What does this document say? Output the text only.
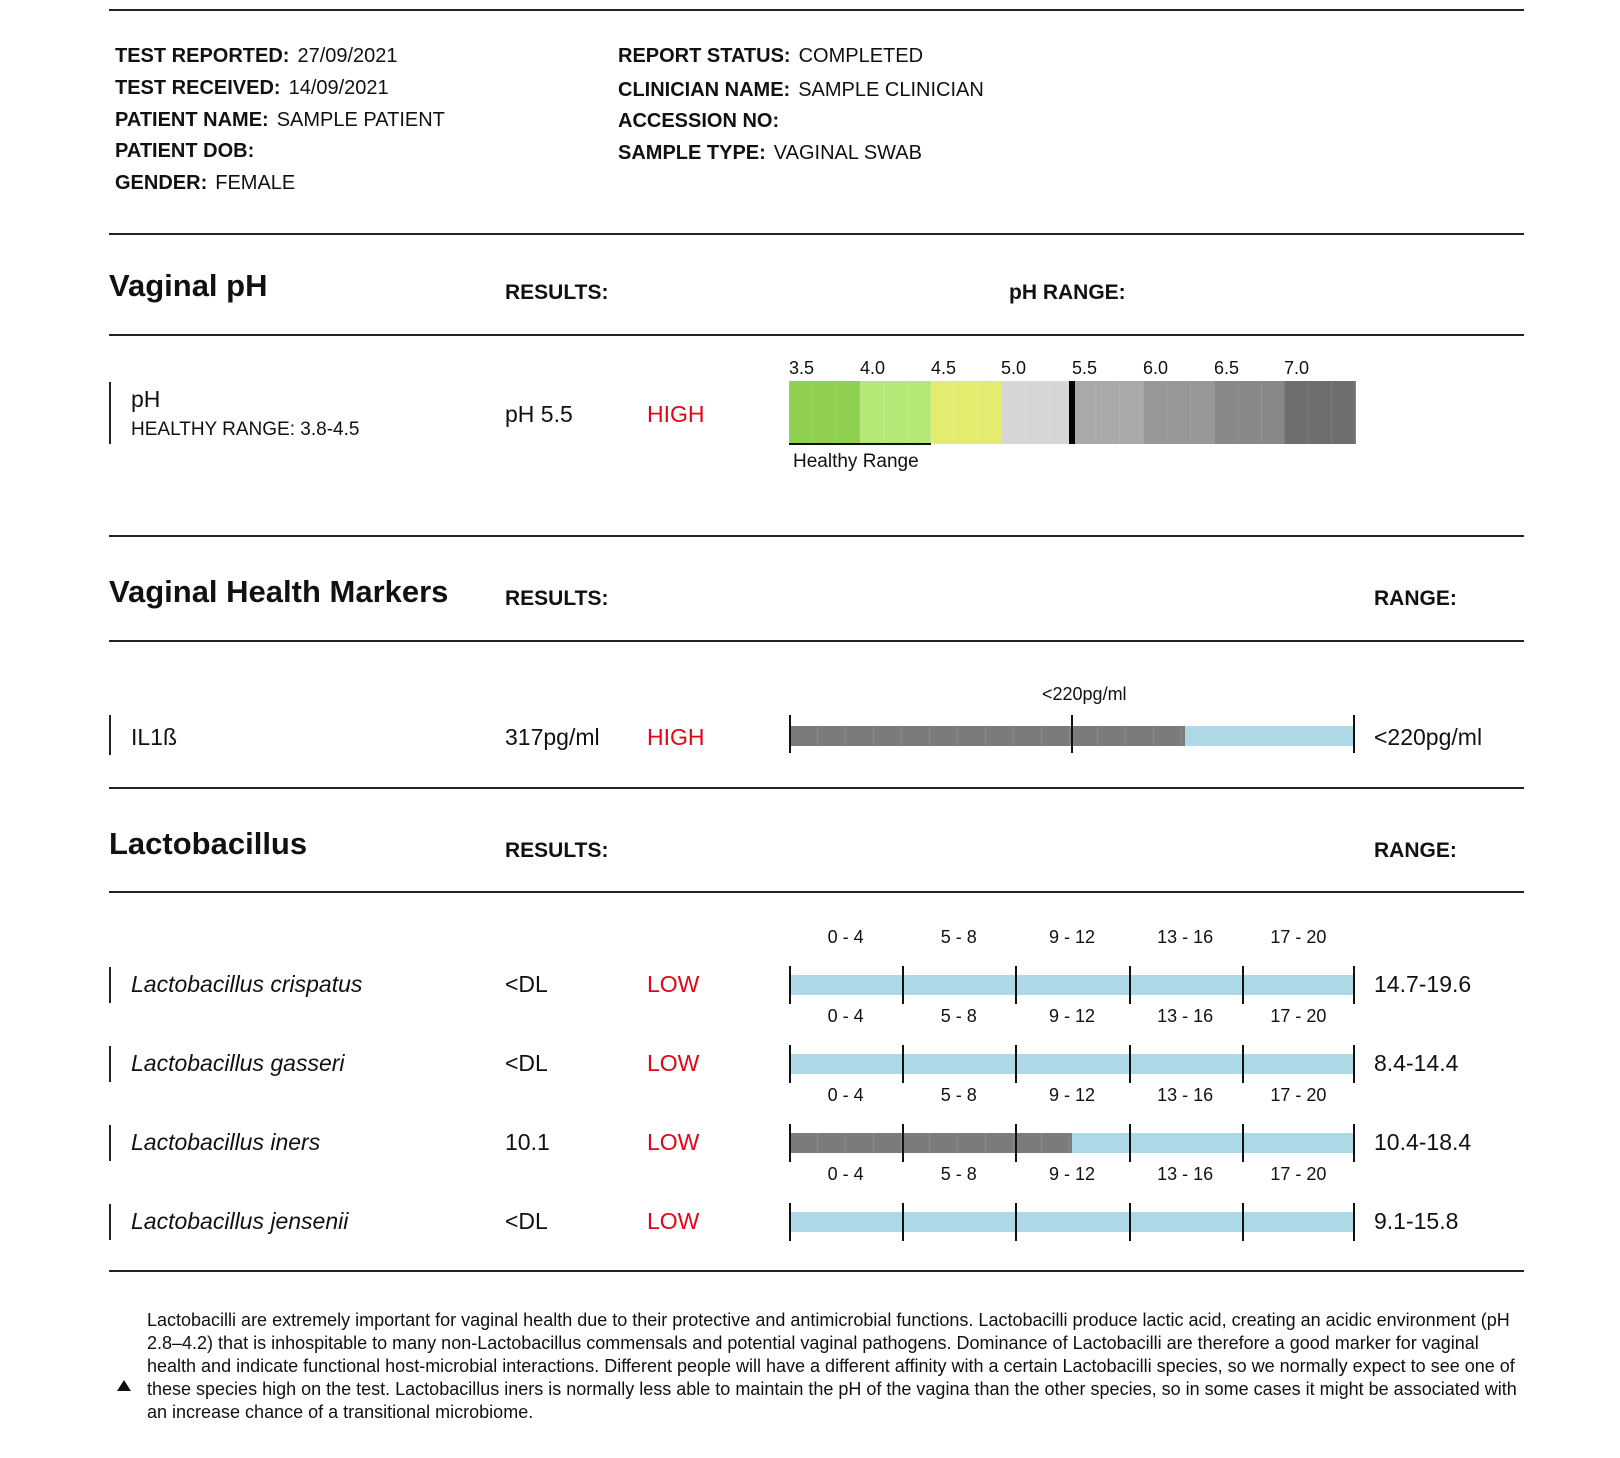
TEST REPORTED: 27/09/2021
TEST RECEIVED: 14/09/2021
PATIENT NAME: SAMPLE PATIENT
PATIENT DOB:
GENDER: FEMALE
REPORT STATUS: COMPLETED
CLINICIAN NAME: SAMPLE CLINICIAN
ACCESSION NO:
SAMPLE TYPE: VAGINAL SWAB
Vaginal pH	RESULTS:	pH RANGE:
pH
HEALTHY RANGE: 3.8-4.5
pH 5.5	HIGH
3.5	4.0	4.5 5.0	5.5	6.0	6.5 7.0
Healthy Range
Vaginal Health Markers	RESULTS:	RANGE:
IL1ß	317pg/ml HIGH
<220pg/ml
<220pg/ml
Lactobacillus	RESULTS:	RANGE:
0 - 4	5 - 8	9 - 12	13 - 16	17 - 20
Lactobacillus crispatus	<DL	LOW	14.7-19.6
0 - 4	5 - 8	9 - 12	13 - 16	17 - 20
Lactobacillus gasseri	<DL	LOW	8.4-14.4
0 - 4	5 - 8	9 - 12	13 - 16	17 - 20
Lactobacillus iners	10.1	LOW	10.4-18.4
0 - 4	5 - 8	9 - 12	13 - 16	17 - 20
Lactobacillus jensenii	<DL	LOW	9.1-15.8
Lactobacilli are extremely important for vaginal health due to their protective and antimicrobial functions. Lactobacilli produce lactic acid, creating an acidic environment (pH 2.8–4.2) that is inhospitable to many non-Lactobacillus commensals and potential vaginal pathogens. Dominance of Lactobacilli are therefore a good marker for vaginal health and indicate functional host-microbial interactions. Different people will have a different affinity with a certain Lactobacilli species, so we normally expect to see one of these species high on the test. Lactobacillus iners is normally less able to maintain the pH of the vagina than the other species, so in some cases it might be associated with an increase chance of a transitional microbiome.
